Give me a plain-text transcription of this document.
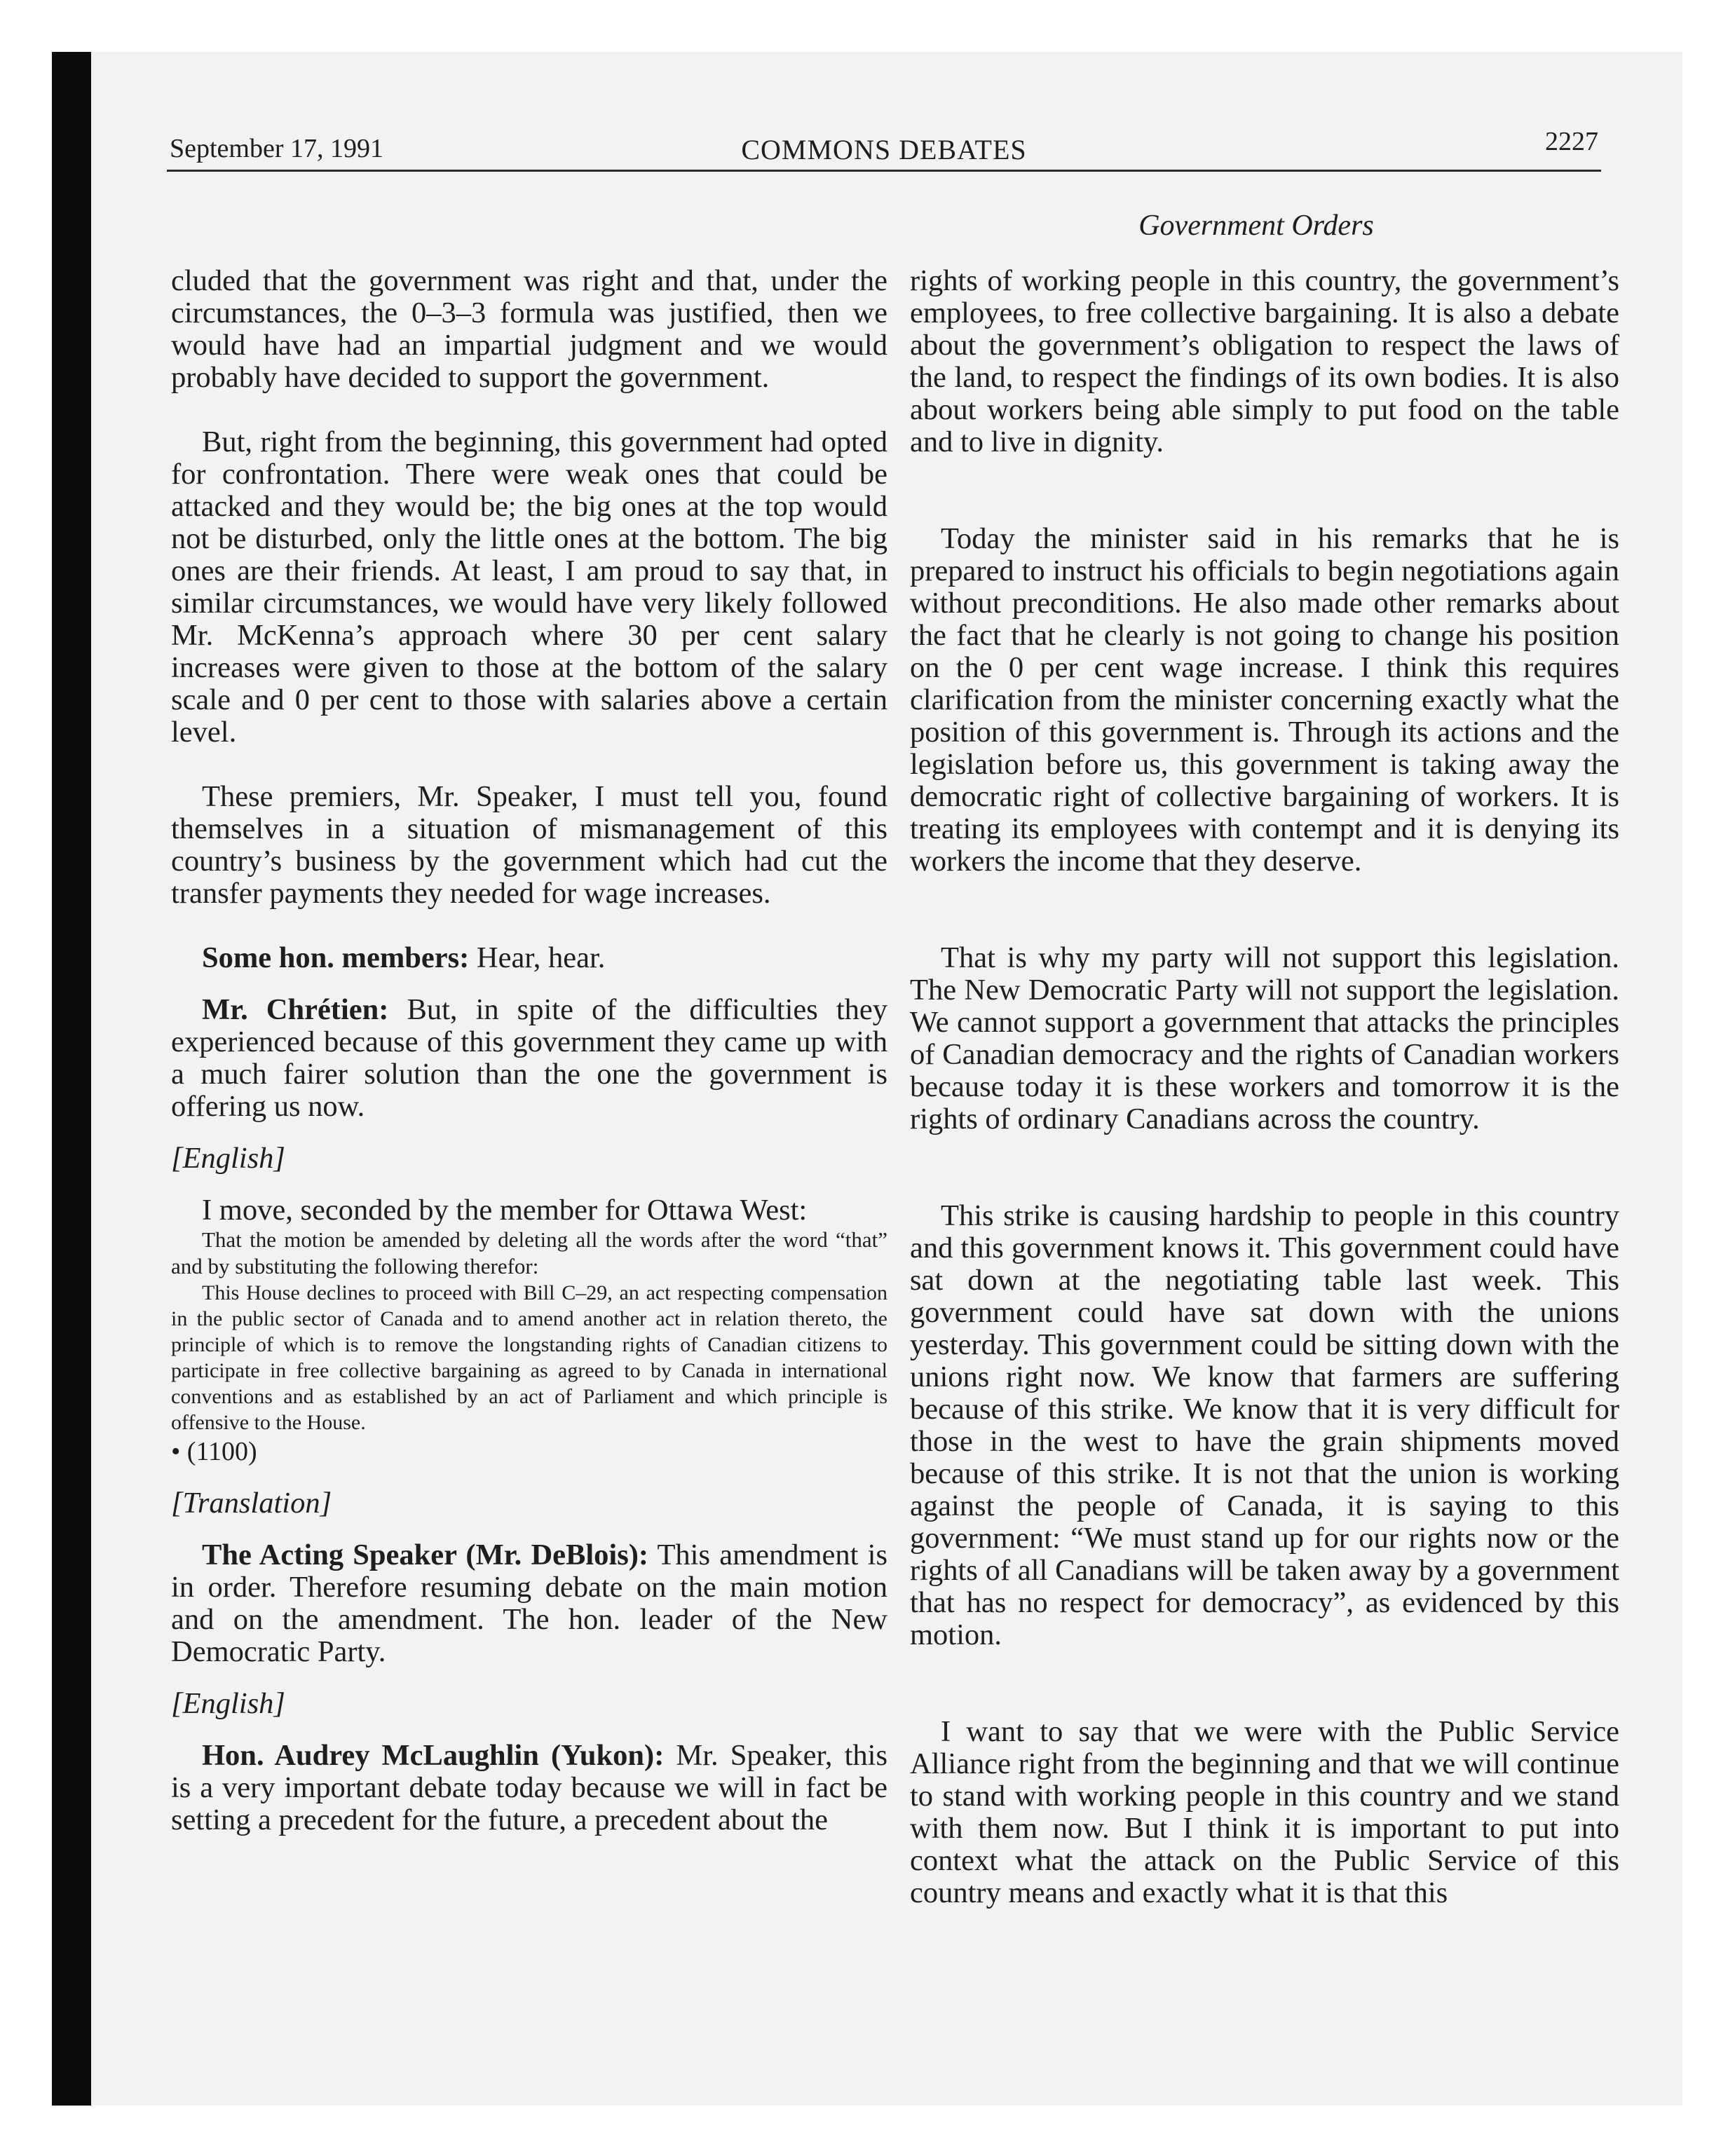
September 17, 1991	COMMONS DEBATES	2227
Government Orders

cluded that the government was right and that, under the circumstances, the 0–3–3 formula was justified, then we would have had an impartial judgment and we would probably have decided to support the government.

But, right from the beginning, this government had opted for confrontation. There were weak ones that could be attacked and they would be; the big ones at the top would not be disturbed, only the little ones at the bottom. The big ones are their friends. At least, I am proud to say that, in similar circumstances, we would have very likely followed Mr. McKenna’s approach where 30 per cent salary increases were given to those at the bottom of the salary scale and 0 per cent to those with salaries above a certain level.

These premiers, Mr. Speaker, I must tell you, found themselves in a situation of mismanagement of this country’s business by the government which had cut the transfer payments they needed for wage increases.

Some hon. members: Hear, hear.

Mr. Chrétien: But, in spite of the difficulties they experienced because of this government they came up with a much fairer solution than the one the government is offering us now.

[English]

I move, seconded by the member for Ottawa West:

That the motion be amended by deleting all the words after the word “that” and by substituting the following therefor:

This House declines to proceed with Bill C–29, an act respecting compensation in the public sector of Canada and to amend another act in relation thereto, the principle of which is to remove the longstanding rights of Canadian citizens to participate in free collective bargaining as agreed to by Canada in international conventions and as established by an act of Parliament and which principle is offensive to the House.

• (1100)

[Translation]

The Acting Speaker (Mr. DeBlois): This amendment is in order. Therefore resuming debate on the main motion and on the amendment. The hon. leader of the New Democratic Party.

[English]

Hon. Audrey McLaughlin (Yukon): Mr. Speaker, this is a very important debate today because we will in fact be setting a precedent for the future, a precedent about the

rights of working people in this country, the government’s employees, to free collective bargaining. It is also a debate about the government’s obligation to respect the laws of the land, to respect the findings of its own bodies. It is also about workers being able simply to put food on the table and to live in dignity.

Today the minister said in his remarks that he is prepared to instruct his officials to begin negotiations again without preconditions. He also made other remarks about the fact that he clearly is not going to change his position on the 0 per cent wage increase. I think this requires clarification from the minister concerning exactly what the position of this government is. Through its actions and the legislation before us, this government is taking away the democratic right of collective bargaining of workers. It is treating its employees with contempt and it is denying its workers the income that they deserve.

That is why my party will not support this legislation. The New Democratic Party will not support the legislation. We cannot support a government that attacks the principles of Canadian democracy and the rights of Canadian workers because today it is these workers and tomorrow it is the rights of ordinary Canadians across the country.

This strike is causing hardship to people in this country and this government knows it. This government could have sat down at the negotiating table last week. This government could have sat down with the unions yesterday. This government could be sitting down with the unions right now. We know that farmers are suffering because of this strike. We know that it is very difficult for those in the west to have the grain shipments moved because of this strike. It is not that the union is working against the people of Canada, it is saying to this government: “We must stand up for our rights now or the rights of all Canadians will be taken away by a government that has no respect for democracy”, as evidenced by this motion.

I want to say that we were with the Public Service Alliance right from the beginning and that we will continue to stand with working people in this country and we stand with them now. But I think it is important to put into context what the attack on the Public Service of this country means and exactly what it is that this
